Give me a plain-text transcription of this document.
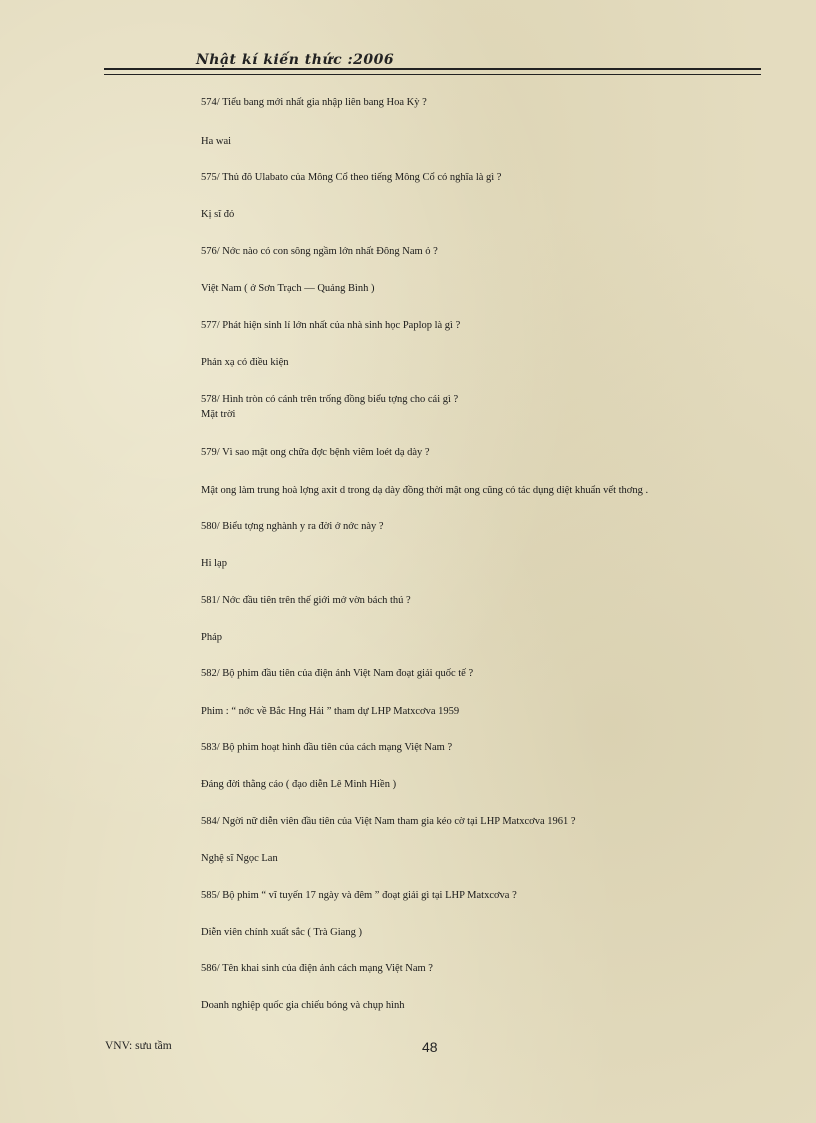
Nhật kí kiến thức :2006
574/ Tiểu bang mới nhất gia nhập liên bang Hoa Kỳ ?
Ha wai
575/ Thủ đô Ulabato của Mông Cổ theo tiếng Mông Cổ có nghĩa là gì ?
Kị sĩ đỏ
576/ Nớc nào có con sông ngầm lớn nhất Đông Nam ỏ ?
Việt Nam ( ở Sơn Trạch — Quảng Bình )
577/ Phát hiện sinh lí lớn nhất của nhà sinh học Paplop là gì ?
Phản xạ có điều kiện
578/ Hình tròn có cánh trên trống đồng biểu tợng cho cái gì ?
Mặt trời
579/ Vì sao mật ong chữa đợc bệnh viêm loét dạ dày ?
Mật ong làm trung hoà lợng axit d trong dạ dày đồng thời mật ong cũng có tác dụng diệt khuẩn vết thơng .
580/ Biểu tợng nghành y ra đời ở nớc này ?
Hi lạp
581/ Nớc đầu tiên trên thế giới mở vờn bách thú ?
Pháp
582/ Bộ phim đầu tiên của điện ảnh Việt Nam đoạt giải quốc tế ?
Phim : “ nớc về Bắc Hng Hải ” tham dự LHP Matxcơva 1959
583/ Bộ phim hoạt hình đầu tiên của cách mạng Việt Nam ?
Đáng đời thằng cáo ( đạo diễn Lê Minh Hiền )
584/ Ngời nữ diễn viên đầu tiên của Việt Nam tham gia kéo cờ tại LHP Matxcơva 1961 ?
Nghệ sĩ Ngọc Lan
585/ Bộ phim “ vĩ tuyến 17 ngày và đêm ” đoạt giải gì tại LHP Matxcơva ?
Diễn viên chính xuất sắc ( Trà Giang )
586/ Tên khai sinh của điện ảnh cách mạng Việt Nam ?
Doanh nghiệp quốc gia chiếu bóng và chụp hình
VNV: sưu tầm	48
